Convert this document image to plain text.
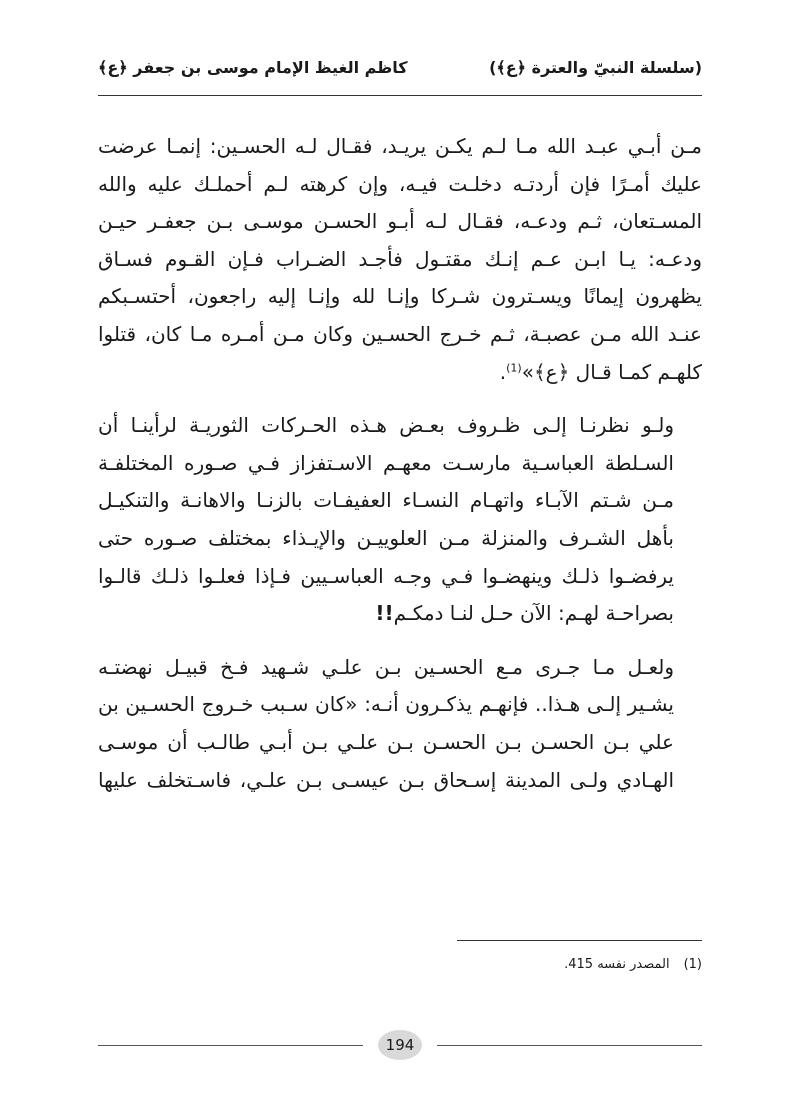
(سلسلة النبيّ والعترة ﴿ع﴾)
كاظم الغيظ الإمام موسى بن جعفر ﴿ع﴾

مـن أبـي عبـد الله مـا لـم يكـن يريـد، فقـال لـه الحسـين: إنمـا عرضت
عليك أمـرًا فإن أردتـه دخلـت فيـه، وإن كرهته لـم أحملـك عليه والله
المسـتعان، ثـم ودعـه، فقـال لـه أبـو الحسـن موسـى بـن جعفـر حيـن
ودعـه: يـا ابـن عـم إنـك مقتـول فأجـد الضـراب فـإن القـوم فسـاق
يظهرون إيمانًا ويسـترون شـركا وإنـا لله وإنـا إليه راجعون، أحتسـبكم
عنـد الله مـن عصبـة، ثـم خـرج الحسـين وكان مـن أمـره مـا كان، قتلوا
كلهـم كمـا قـال ﴿ع﴾»$^{(1)}$.

ولـو نظرنـا إلـى ظـروف بعـض هـذه الحـركات الثوريـة لرأينـا أن
السـلطة العباسـية مارسـت معهـم الاسـتفزاز فـي صـوره المختلفـة
مـن شـتم الآبـاء واتهـام النسـاء العفيفـات بالزنـا والاهانـة والتنكيـل
بأهل الشـرف والمنزلة مـن العلوييـن والإيـذاء بمختلف صـوره حتى
يرفضـوا ذلـك وينهضـوا فـي وجـه العباسـيين فـإذا فعلـوا ذلـك قالـوا
بصراحـة لهـم: الآن حـل لنـا دمكـم!!

ولعـل مـا جـرى مـع الحسـين بـن علـي شـهيد فـخ قبيـل نهضتـه
يشـير إلـى هـذا.. فإنهـم يذكـرون أنـه: «كان سـبب خـروج الحسـين بن
علي بـن الحسـن بـن الحسـن بـن علـي بـن أبـي طالـب أن موسـى
الهـادي ولـى المدينة إسـحاق بـن عيسـى بـن علـي، فاسـتخلف عليها

(1)
المصدر نفسه 415.
194
